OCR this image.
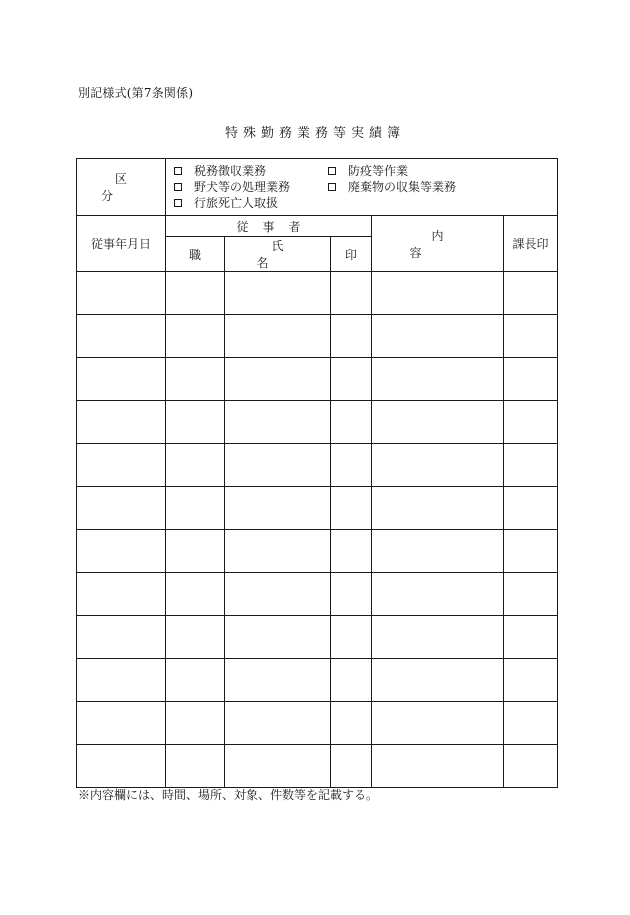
別記様式(第7条関係)
特殊勤務業務等実績簿
区　分	税務徴収業務 防疫等作業
野犬等の処理業務 廃棄物の収集等業務
行旅死亡人取扱				

従事年月日	従事者			内容	課長印
	職	氏名	印		

※内容欄には、時間、場所、対象、件数等を記載する。
